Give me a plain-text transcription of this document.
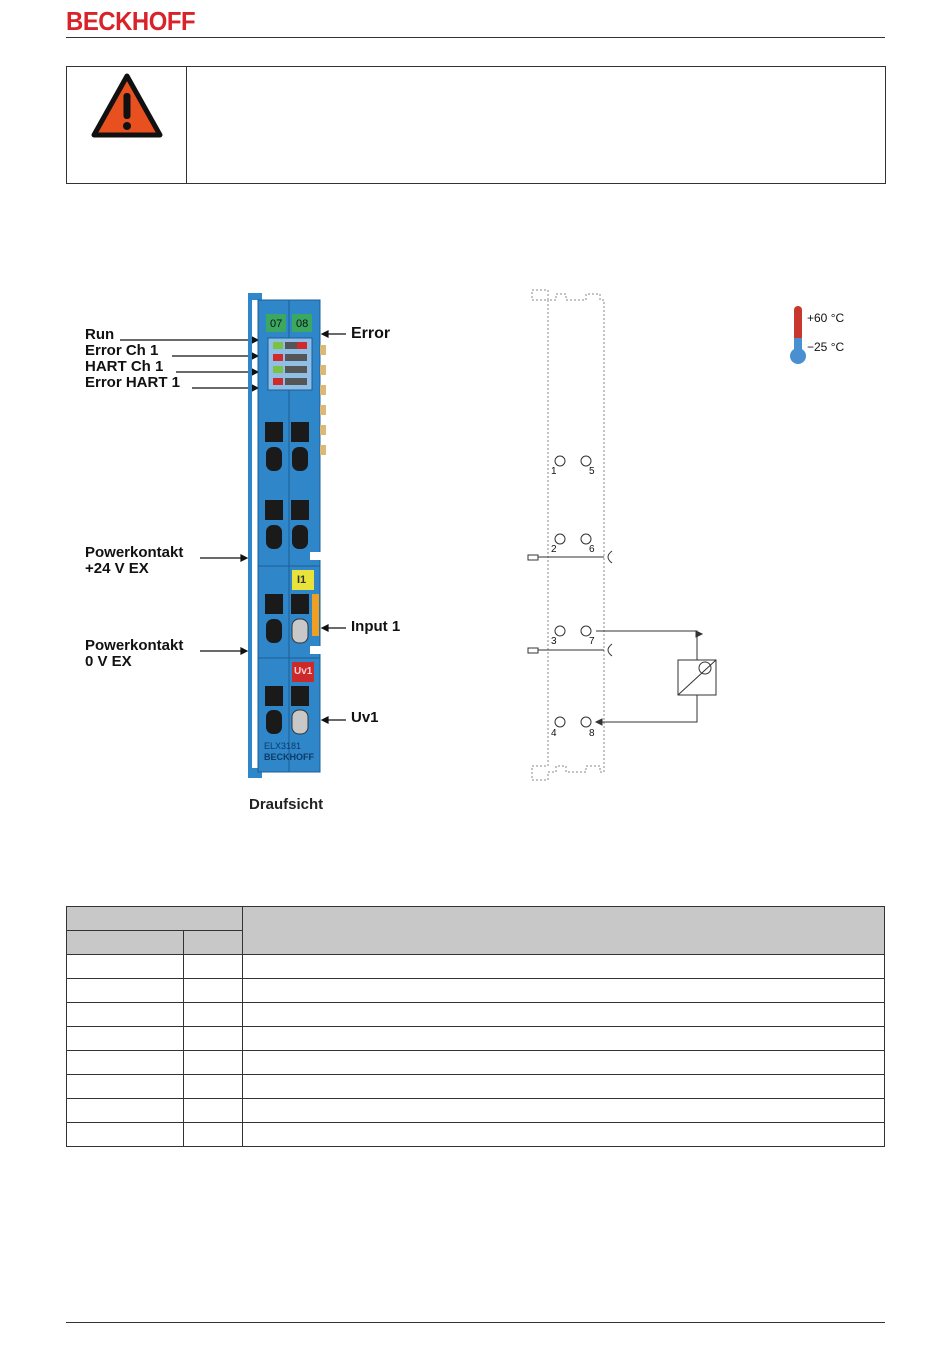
BECKHOFF
1	5
2	6
3	7
4	8
07 08
I1
Uv1
ELX3181
BECKHOFF
Run
Error Ch 1
HART Ch 1
Error HART 1
Error
Powerkontakt
+24 V EX
Input 1
Powerkontakt
0 V EX
Uv1
Draufsicht
+60 °C
−25 °C
